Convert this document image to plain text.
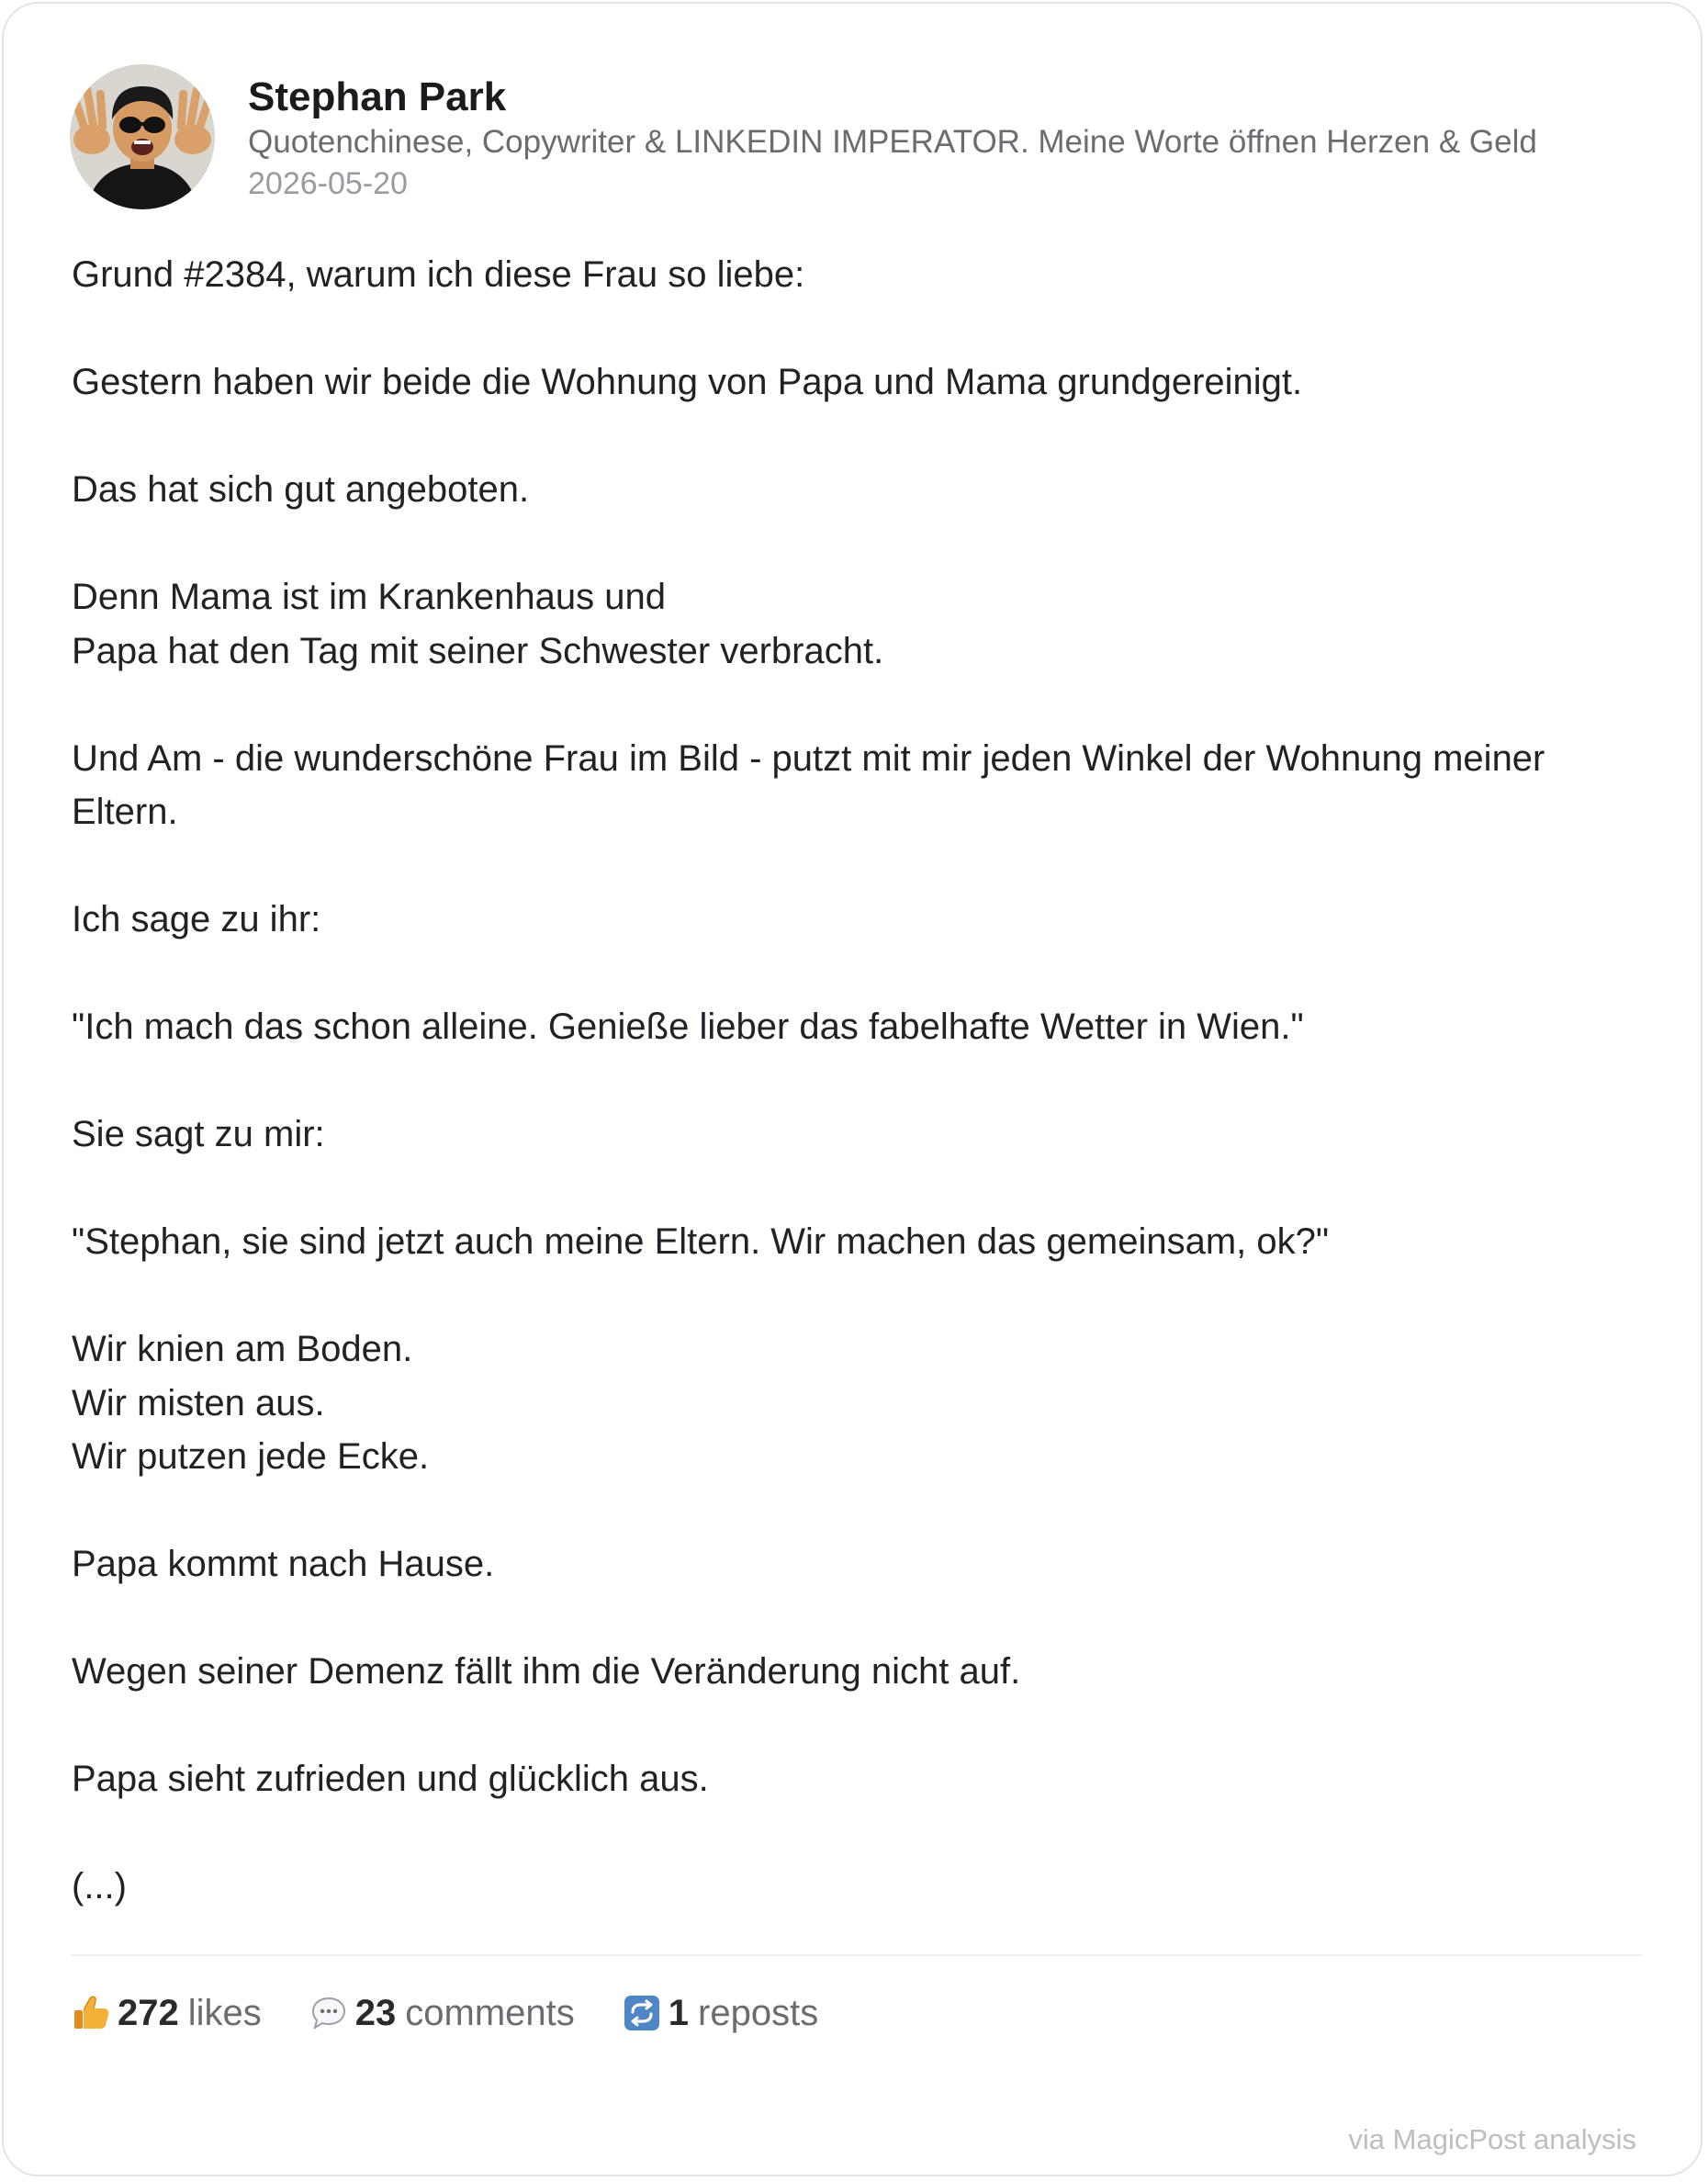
Stephan Park
Quotenchinese, Copywriter & LINKEDIN IMPERATOR. Meine Worte öffnen Herzen & Geld
2026-05-20

Grund #2384, warum ich diese Frau so liebe:

Gestern haben wir beide die Wohnung von Papa und Mama grundgereinigt.

Das hat sich gut angeboten.

Denn Mama ist im Krankenhaus und
Papa hat den Tag mit seiner Schwester verbracht.

Und Am - die wunderschöne Frau im Bild - putzt mit mir jeden Winkel der Wohnung meiner Eltern.

Ich sage zu ihr:

"Ich mach das schon alleine. Genieße lieber das fabelhafte Wetter in Wien."

Sie sagt zu mir:

"Stephan, sie sind jetzt auch meine Eltern. Wir machen das gemeinsam, ok?"

Wir knien am Boden.
Wir misten aus.
Wir putzen jede Ecke.

Papa kommt nach Hause.

Wegen seiner Demenz fällt ihm die Veränderung nicht auf.

Papa sieht zufrieden und glücklich aus.

(...)

272 likes	23 comments	1 reposts
via MagicPost analysis
